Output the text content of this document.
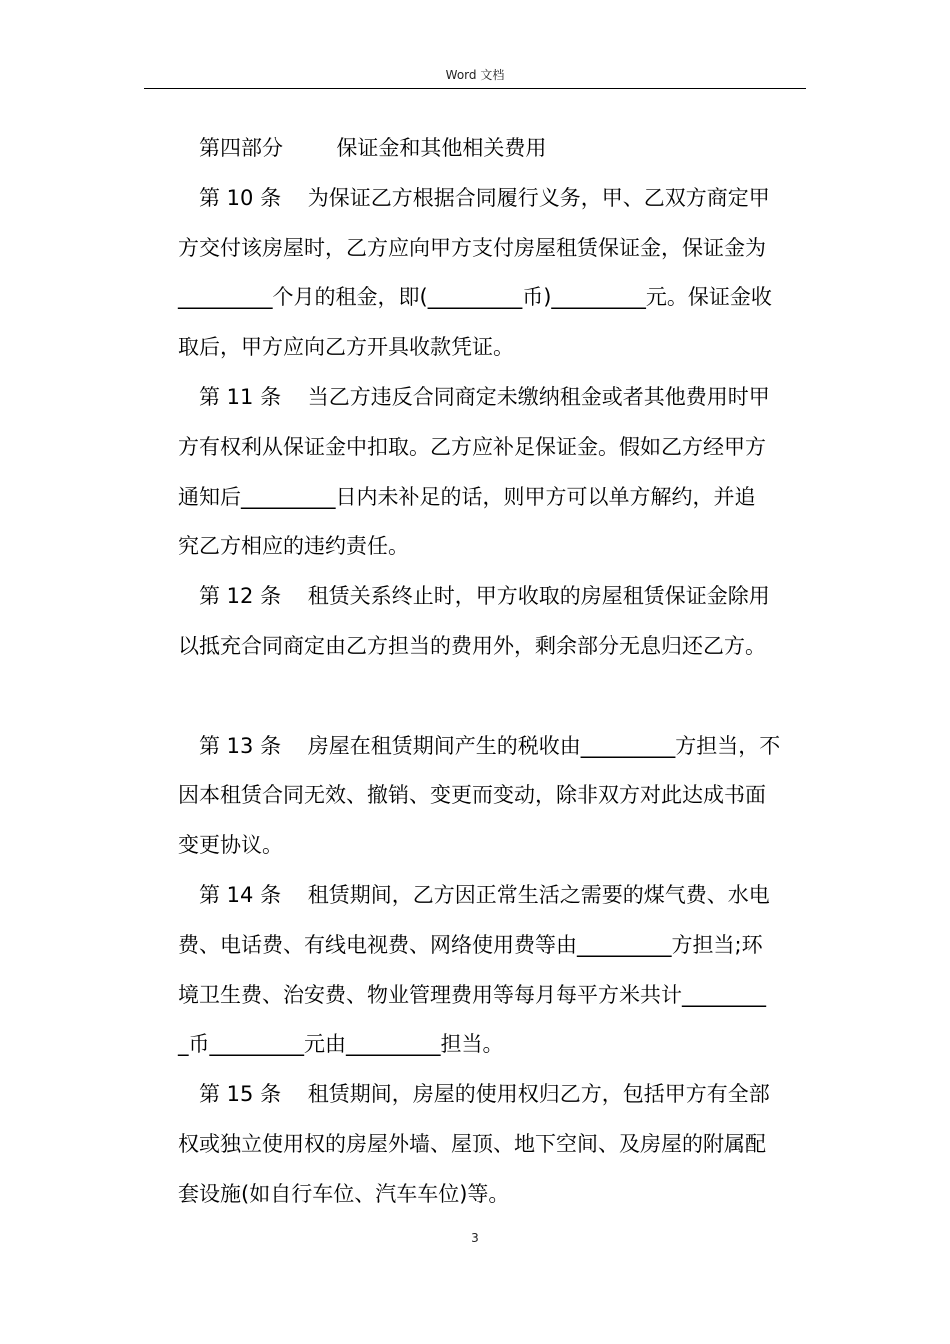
Word 文档
第四部分        保证金和其他相关费用
第 10 条    为保证乙方根据合同履行义务，甲、乙双方商定甲
方交付该房屋时，乙方应向甲方支付房屋租赁保证金，保证金为
_________个月的租金，即(_________币)_________元。保证金收
取后，甲方应向乙方开具收款凭证。
第 11 条    当乙方违反合同商定未缴纳租金或者其他费用时甲
方有权利从保证金中扣取。乙方应补足保证金。假如乙方经甲方
通知后_________日内未补足的话，则甲方可以单方解约，并追
究乙方相应的违约责任。
第 12 条    租赁关系终止时，甲方收取的房屋租赁保证金除用
以抵充合同商定由乙方担当的费用外，剩余部分无息归还乙方。
第 13 条    房屋在租赁期间产生的税收由_________方担当，不
因本租赁合同无效、撤销、变更而变动，除非双方对此达成书面
变更协议。
第 14 条    租赁期间，乙方因正常生活之需要的煤气费、水电
费、电话费、有线电视费、网络使用费等由_________方担当;环
境卫生费、治安费、物业管理费用等每月每平方米共计________
_币_________元由_________担当。
第 15 条    租赁期间，房屋的使用权归乙方，包括甲方有全部
权或独立使用权的房屋外墙、屋顶、地下空间、及房屋的附属配
套设施(如自行车位、汽车车位)等。
3
